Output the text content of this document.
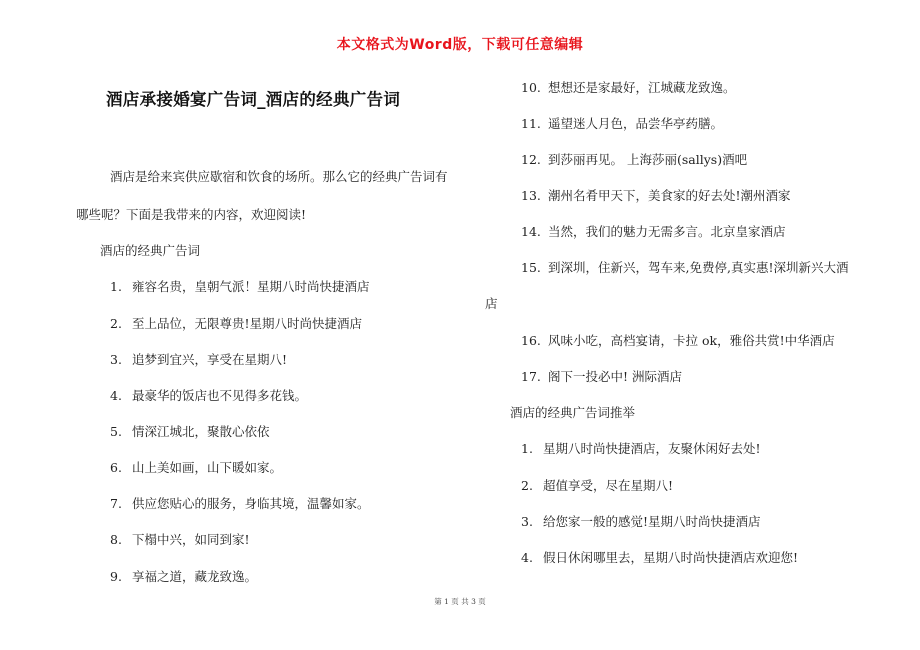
本文格式为Word版，下载可任意编辑
酒店承接婚宴广告词_酒店的经典广告词
酒店是给来宾供应歇宿和饮食的场所。那么它的经典广告词有
哪些呢？下面是我带来的内容，欢迎阅读!
酒店的经典广告词
1. 雍容名贵，皇朝气派！星期八时尚快捷酒店
2. 至上品位，无限尊贵!星期八时尚快捷酒店
3. 追梦到宜兴，享受在星期八!
4. 最豪华的饭店也不见得多花钱。
5. 情深江城北，聚散心依依
6. 山上美如画，山下暖如家。
7. 供应您贴心的服务，身临其境，温馨如家。
8. 下榻中兴，如同到家!
9. 享福之道，藏龙致逸。
10. 想想还是家最好，江城藏龙致逸。
11. 遥望迷人月色，品尝华亭药膳。
12. 到莎丽再见。 上海莎丽(sallys)酒吧
13. 潮州名肴甲天下，美食家的好去处!潮州酒家
14. 当然，我们的魅力无需多言。北京皇家酒店
15. 到深圳，住新兴，驾车来,免费停,真实惠!深圳新兴大酒
店
16. 风味小吃，高档宴请，卡拉 ok，雅俗共赏!中华酒店
17. 阁下一投必中! 洲际酒店
酒店的经典广告词推举
1. 星期八时尚快捷酒店，友聚休闲好去处!
2. 超值享受，尽在星期八!
3. 给您家一般的感觉!星期八时尚快捷酒店
4. 假日休闲哪里去，星期八时尚快捷酒店欢迎您!
第 1 页 共 3 页
